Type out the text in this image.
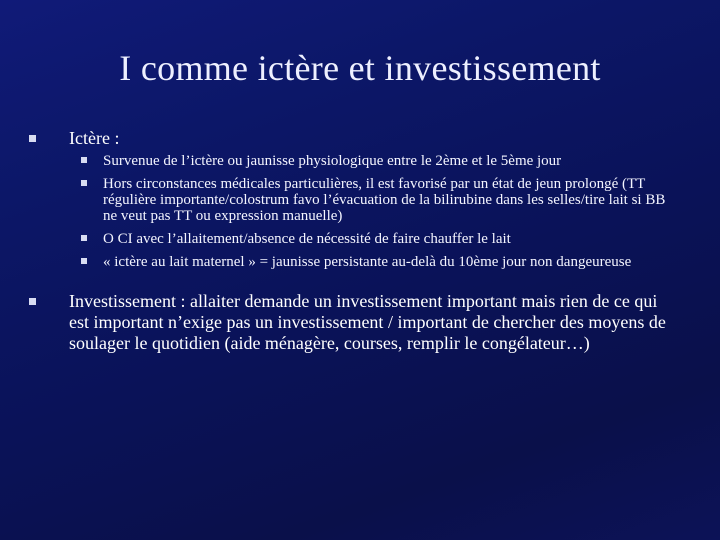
I comme ictère et investissement
Ictère :
Survenue de l’ictère ou jaunisse physiologique entre le 2ème et le 5ème jour
Hors circonstances médicales particulières, il est favorisé par un état de jeun prolongé (TT régulière importante/colostrum favo l’évacuation de la bilirubine dans les selles/tire lait si BB ne veut pas TT ou expression manuelle)
O CI avec l’allaitement/absence de nécessité de faire chauffer le lait
« ictère au lait maternel » = jaunisse persistante au-delà du 10ème jour non dangeureuse
Investissement : allaiter demande un investissement important mais rien de ce qui est important n’exige pas un investissement / important de chercher des moyens de soulager le quotidien (aide ménagère, courses, remplir le congélateur…)
